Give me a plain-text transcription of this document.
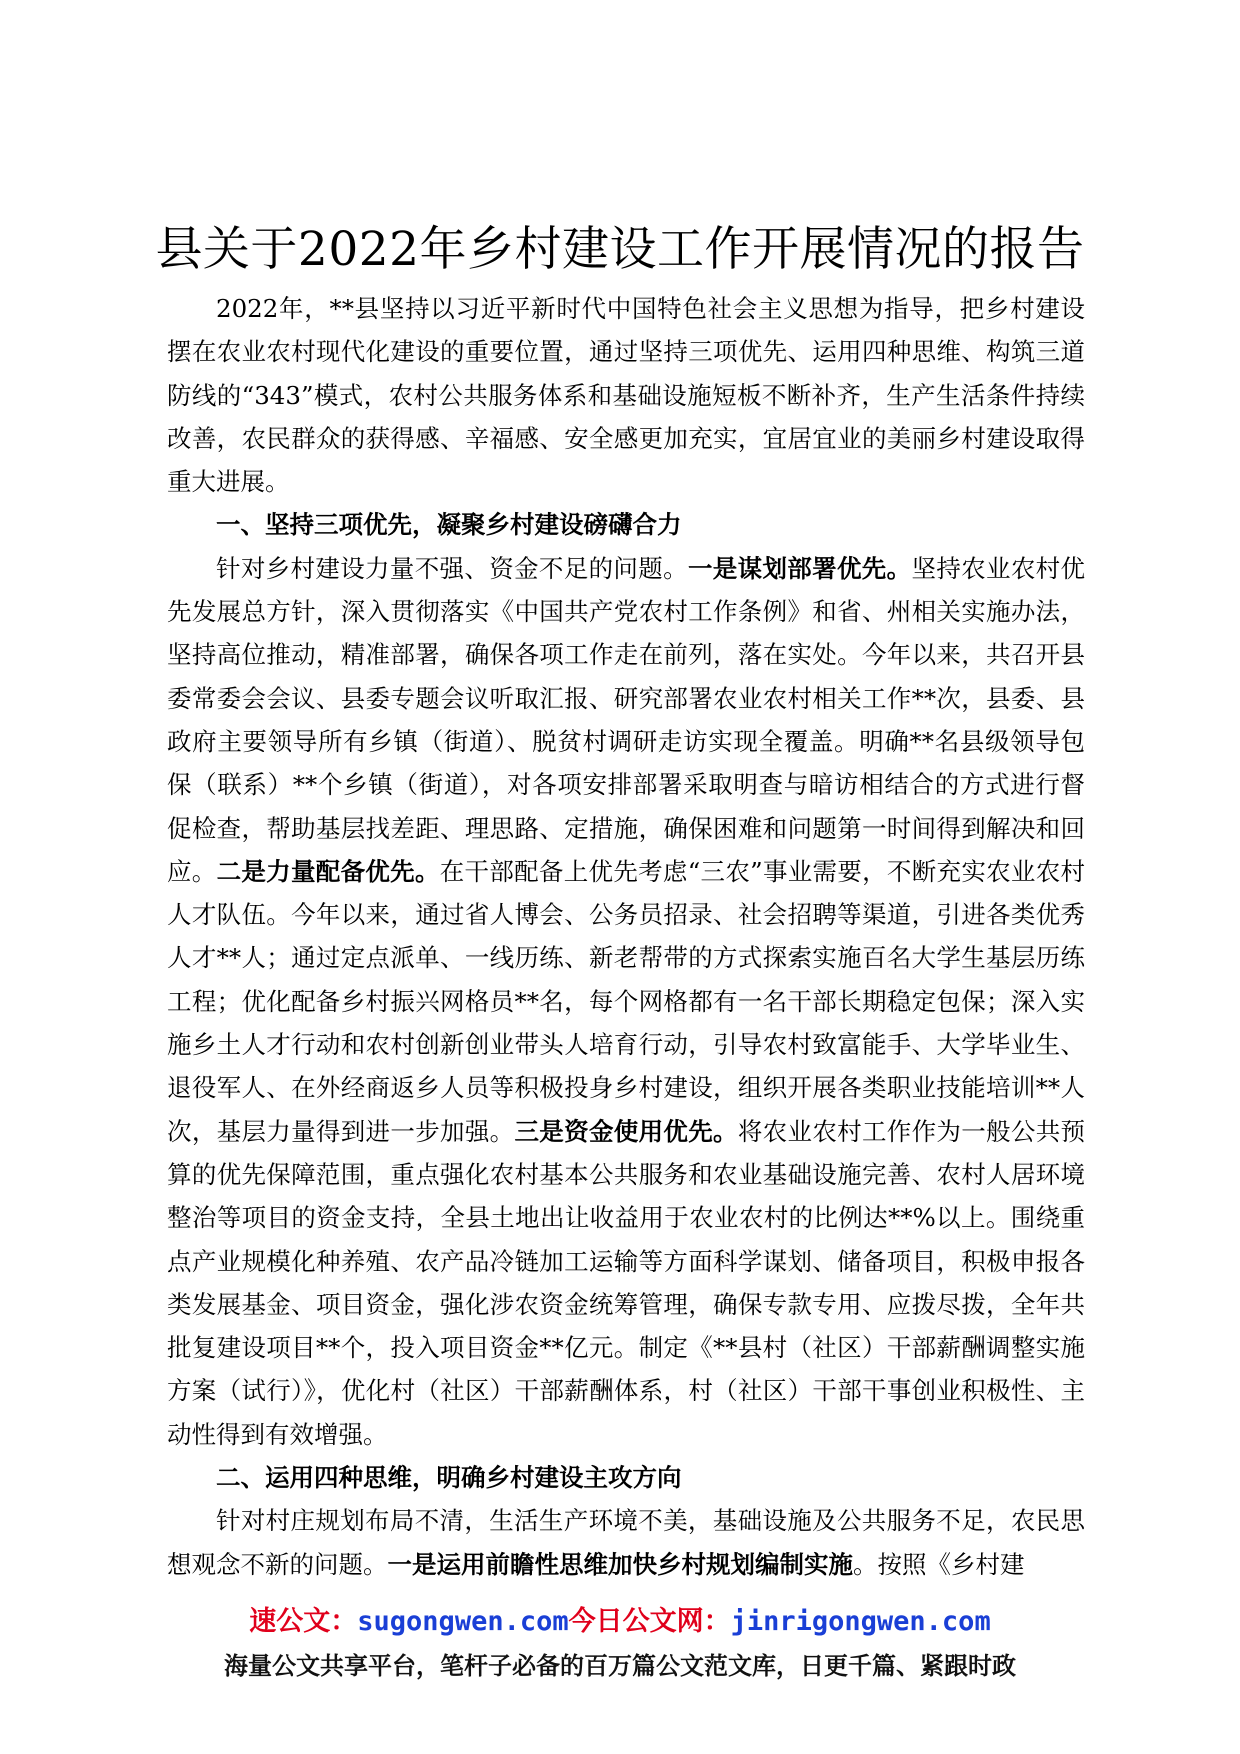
县关于2022年乡村建设工作开展情况的报告

2022年，**县坚持以习近平新时代中国特色社会主义思想为指导，把乡村建设摆在农业农村现代化建设的重要位置，通过坚持三项优先、运用四种思维、构筑三道防线的“343”模式，农村公共服务体系和基础设施短板不断补齐，生产生活条件持续改善，农民群众的获得感、辛福感、安全感更加充实，宜居宜业的美丽乡村建设取得重大进展。

一、坚持三项优先，凝聚乡村建设磅礴合力

针对乡村建设力量不强、资金不足的问题。一是谋划部署优先。坚持农业农村优先发展总方针，深入贯彻落实《中国共产党农村工作条例》和省、州相关实施办法，坚持高位推动，精准部署，确保各项工作走在前列，落在实处。今年以来，共召开县委常委会会议、县委专题会议听取汇报、研究部署农业农村相关工作**次，县委、县政府主要领导所有乡镇（街道）、脱贫村调研走访实现全覆盖。明确**名县级领导包保（联系）**个乡镇（街道），对各项安排部署采取明查与暗访相结合的方式进行督促检查，帮助基层找差距、理思路、定措施，确保困难和问题第一时间得到解决和回应。二是力量配备优先。在干部配备上优先考虑“三农”事业需要，不断充实农业农村人才队伍。今年以来，通过省人博会、公务员招录、社会招聘等渠道，引进各类优秀人才**人；通过定点派单、一线历练、新老帮带的方式探索实施百名大学生基层历练工程；优化配备乡村振兴网格员**名，每个网格都有一名干部长期稳定包保；深入实施乡土人才行动和农村创新创业带头人培育行动，引导农村致富能手、大学毕业生、退役军人、在外经商返乡人员等积极投身乡村建设，组织开展各类职业技能培训**人次，基层力量得到进一步加强。三是资金使用优先。将农业农村工作作为一般公共预算的优先保障范围，重点强化农村基本公共服务和农业基础设施完善、农村人居环境整治等项目的资金支持，全县土地出让收益用于农业农村的比例达**%以上。围绕重点产业规模化种养殖、农产品冷链加工运输等方面科学谋划、储备项目，积极申报各类发展基金、项目资金，强化涉农资金统筹管理，确保专款专用、应拨尽拨，全年共批复建设项目**个，投入项目资金**亿元。制定《**县村（社区）干部薪酬调整实施方案（试行）》，优化村（社区）干部薪酬体系，村（社区）干部干事创业积极性、主动性得到有效增强。

二、运用四种思维，明确乡村建设主攻方向

针对村庄规划布局不清，生活生产环境不美，基础设施及公共服务不足，农民思想观念不新的问题。一是运用前瞻性思维加快乡村规划编制实施。按照《乡村建

速公文：sugongwen.com今日公文网：jinrigongwen.com
海量公文共享平台，笔杆子必备的百万篇公文范文库，日更千篇、紧跟时政
